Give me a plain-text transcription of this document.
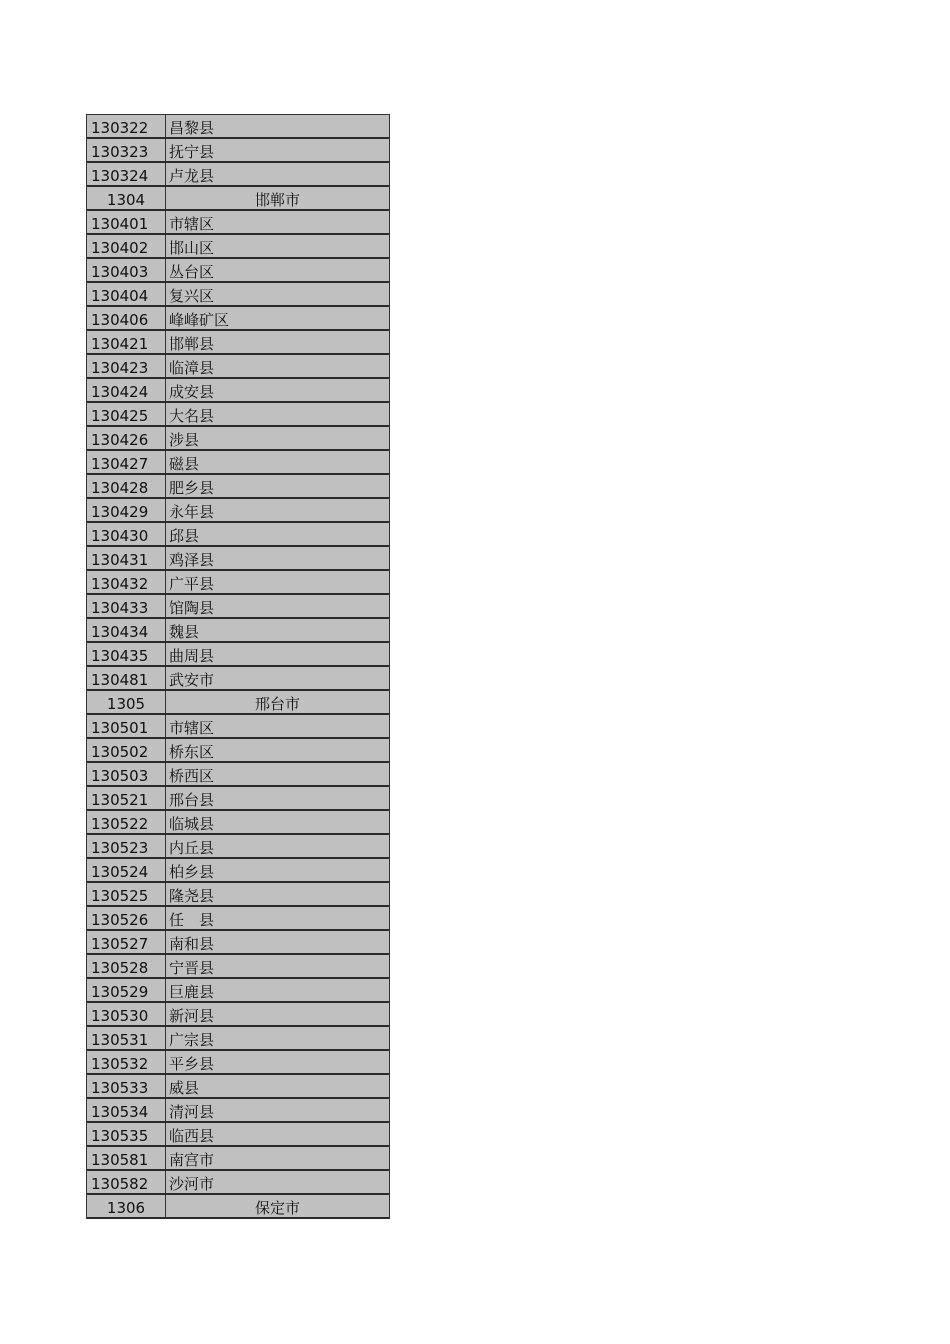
130322	昌黎县
130323	抚宁县
130324	卢龙县
1304	邯郸市
130401	市辖区
130402	邯山区
130403	丛台区
130404	复兴区
130406	峰峰矿区
130421	邯郸县
130423	临漳县
130424	成安县
130425	大名县
130426	涉县
130427	磁县
130428	肥乡县
130429	永年县
130430	邱县
130431	鸡泽县
130432	广平县
130433	馆陶县
130434	魏县
130435	曲周县
130481	武安市
1305	邢台市
130501	市辖区
130502	桥东区
130503	桥西区
130521	邢台县
130522	临城县
130523	内丘县
130524	柏乡县
130525	隆尧县
130526	任　县
130527	南和县
130528	宁晋县
130529	巨鹿县
130530	新河县
130531	广宗县
130532	平乡县
130533	威县
130534	清河县
130535	临西县
130581	南宫市
130582	沙河市
1306	保定市
